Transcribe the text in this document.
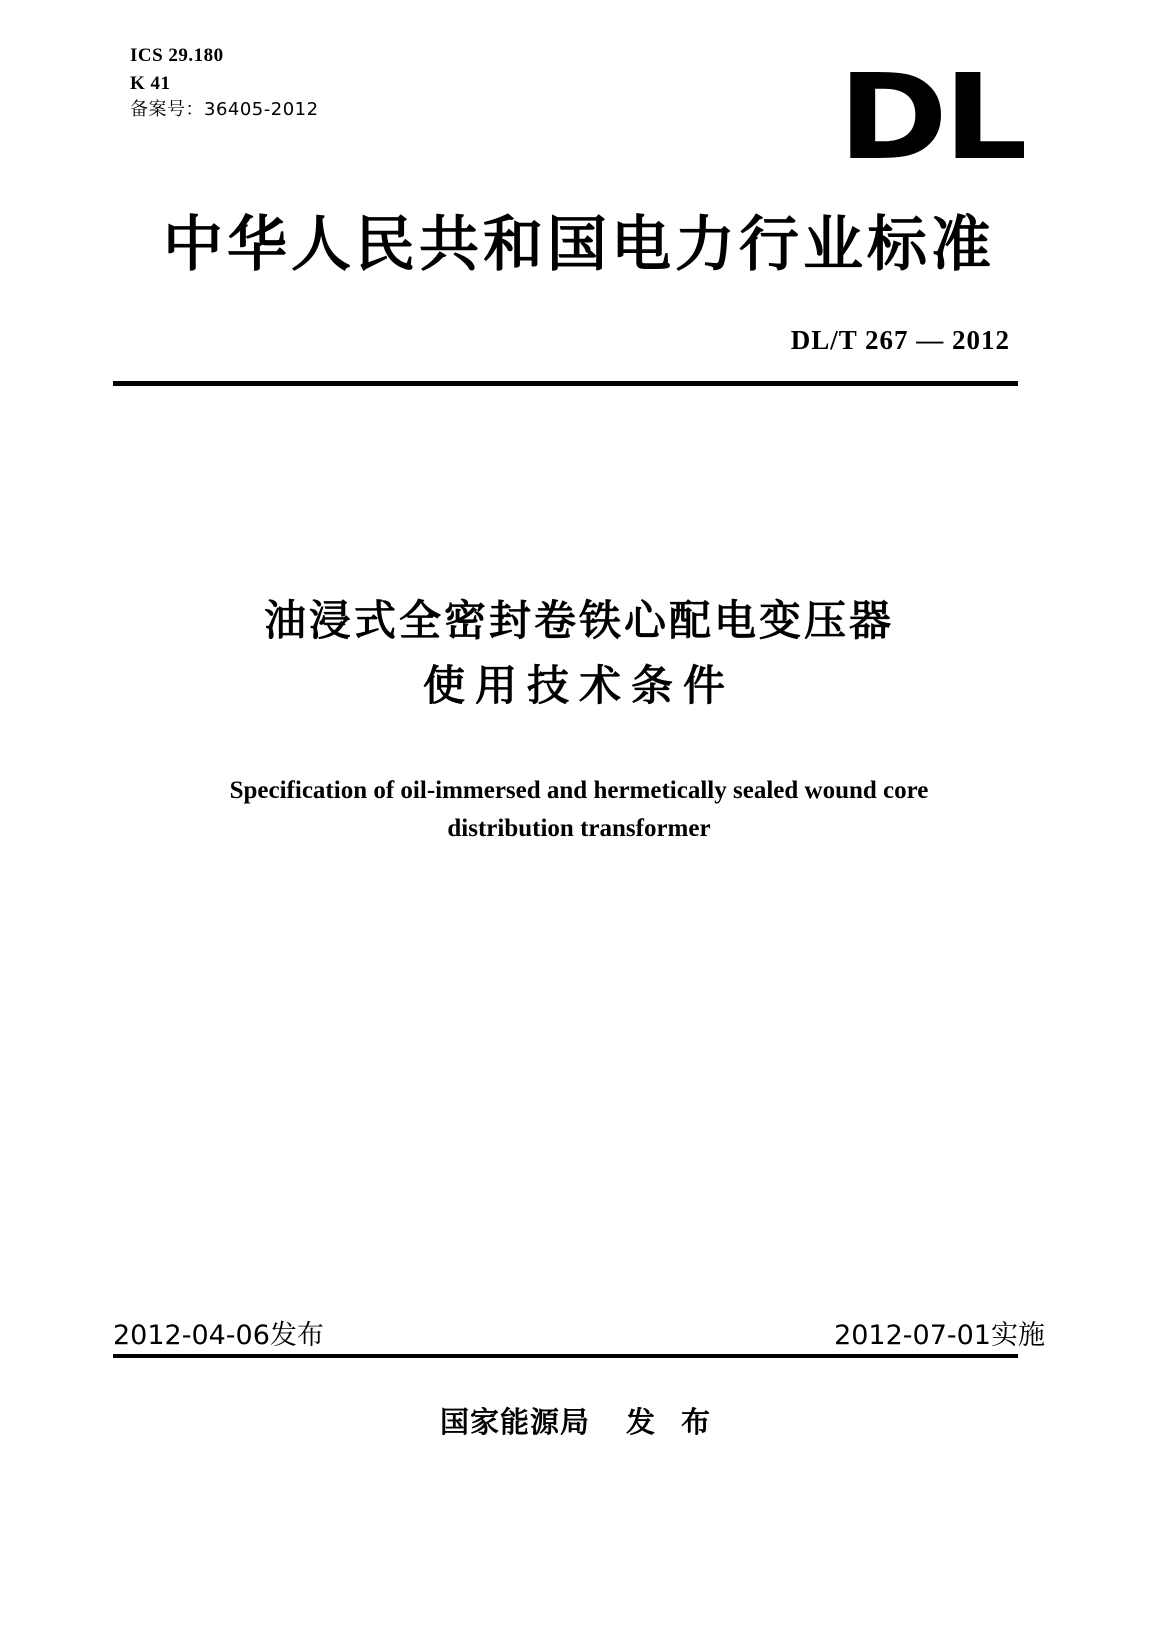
ICS 29.180
K 41
备案号：36405-2012	DL
中华人民共和国电力行业标准
DL/T 267 — 2012
油浸式全密封卷铁心配电变压器
使用技术条件
Specification of oil-immersed and hermetically sealed wound core
distribution transformer
2012-04-06发布	2012-07-01实施
国家能源局 发 布
